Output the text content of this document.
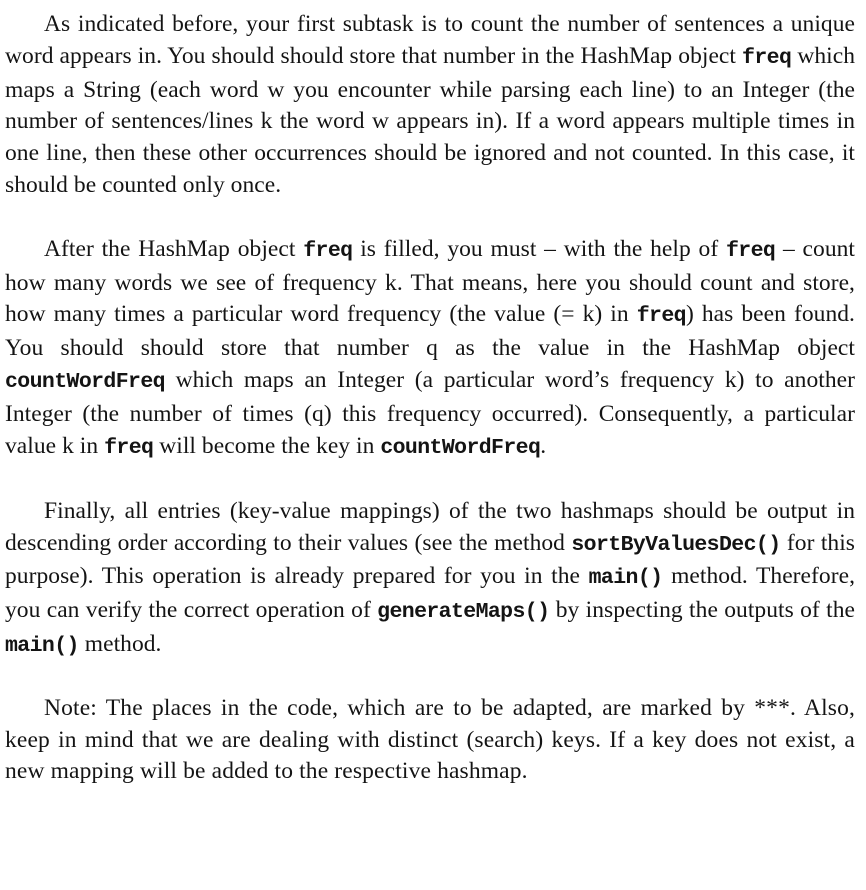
As indicated before, your first subtask is to count the number of sentences a unique word appears in. You should should store that number in the HashMap object freq which maps a String (each word w you encounter while parsing each line) to an Integer (the number of sentences/lines k the word w appears in). If a word appears multiple times in one line, then these other occurrences should be ignored and not counted. In this case, it should be counted only once.

After the HashMap object freq is filled, you must – with the help of freq – count how many words we see of frequency k. That means, here you should count and store, how many times a particular word frequency (the value (= k) in freq) has been found. You should should store that number q as the value in the HashMap object countWordFreq which maps an Integer (a particular word’s frequency k) to another Integer (the number of times (q) this frequency occurred). Consequently, a particular value k in freq will become the key in countWordFreq.

Finally, all entries (key-value mappings) of the two hashmaps should be output in descending order according to their values (see the method sortByValuesDec() for this purpose). This operation is already prepared for you in the main() method. Therefore, you can verify the correct operation of generateMaps() by inspecting the outputs of the main() method.

Note: The places in the code, which are to be adapted, are marked by ***. Also, keep in mind that we are dealing with distinct (search) keys. If a key does not exist, a new mapping will be added to the respective hashmap.
